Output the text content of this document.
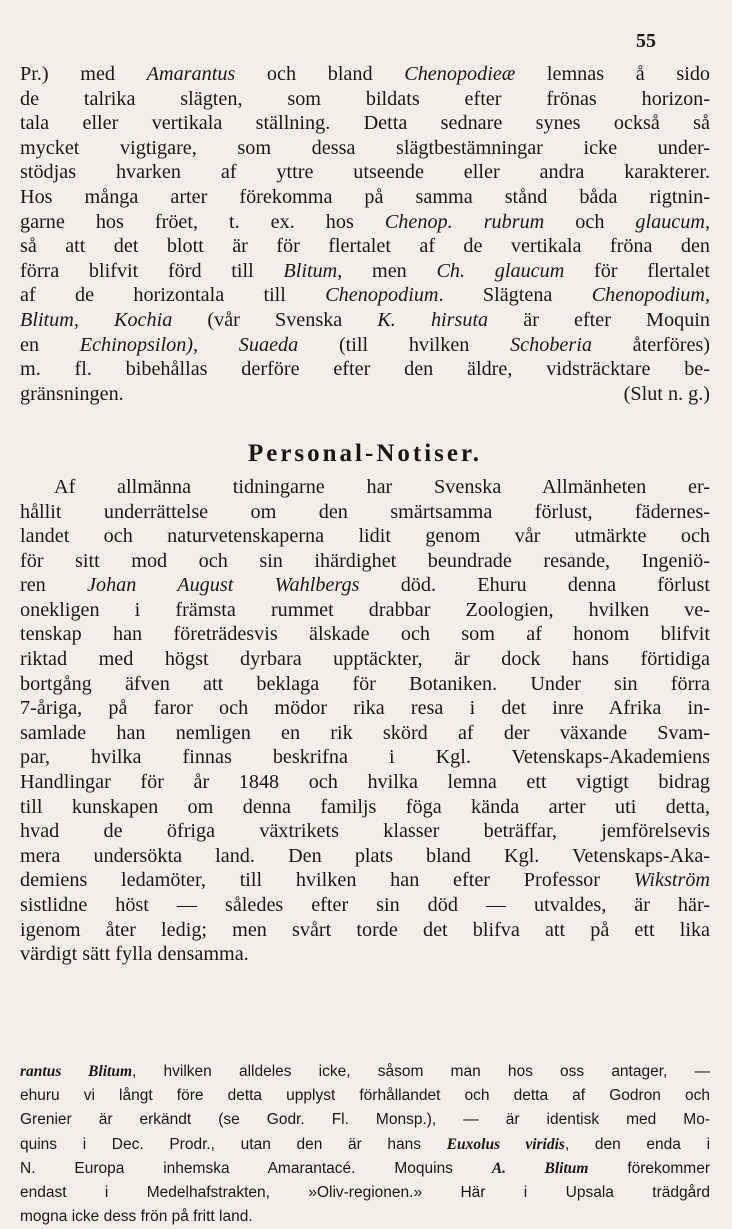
55

Pr.) med Amarantus och bland Chenopodieæ lemnas å sido
de talrika slägten, som bildats efter frönas horizon-
tala eller vertikala ställning. Detta sednare synes också så
mycket vigtigare, som dessa slägtbestämningar icke under-
stödjas hvarken af yttre utseende eller andra karakterer.
Hos många arter förekomma på samma stånd båda rigtnin-
garne hos fröet, t. ex. hos Chenop. rubrum och glaucum,
så att det blott är för flertalet af de vertikala fröna den
förra blifvit förd till Blitum, men Ch. glaucum för flertalet
af de horizontala till Chenopodium. Slägtena Chenopodium,
Blitum, Kochia (vår Svenska K. hirsuta är efter Moquin
en Echinopsilon), Suaeda (till hvilken Schoberia återföres)
m. fl. bibehållas derföre efter den äldre, vidsträcktare be-

gränsningen.	(Slut n. g.)
Personal-Notiser.

Af allmänna tidningarne har Svenska Allmänheten er-
hållit underrättelse om den smärtsamma förlust, fädernes-
landet och naturvetenskaperna lidit genom vår utmärkte och
för sitt mod och sin ihärdighet beundrade resande, Ingeniö-
ren Johan August Wahlbergs död. Ehuru denna förlust
onekligen i främsta rummet drabbar Zoologien, hvilken ve-
tenskap han företrädesvis älskade och som af honom blifvit
riktad med högst dyrbara upptäckter, är dock hans förtidiga
bortgång äfven att beklaga för Botaniken. Under sin förra
7-åriga, på faror och mödor rika resa i det inre Afrika in-
samlade han nemligen en rik skörd af der växande Svam-
par, hvilka finnas beskrifna i Kgl. Vetenskaps-Akademiens
Handlingar för år 1848 och hvilka lemna ett vigtigt bidrag
till kunskapen om denna familjs föga kända arter uti detta,
hvad de öfriga växtrikets klasser beträffar, jemförelsevis
mera undersökta land. Den plats bland Kgl. Vetenskaps-Aka-
demiens ledamöter, till hvilken han efter Professor Wikström
sistlidne höst — således efter sin död — utvaldes, är här-
igenom åter ledig; men svårt torde det blifva att på ett lika

värdigt sätt fylla densamma.

rantus Blitum, hvilken alldeles icke, såsom man hos oss antager, —
ehuru vi långt före detta upplyst förhållandet och detta af Godron och
Grenier är erkändt (se Godr. Fl. Monsp.), — är identisk med Mo-
quins i Dec. Prodr., utan den är hans Euxolus viridis, den enda i
N. Europa inhemska Amarantacé. Moquins A. Blitum förekommer
endast i Medelhafstrakten, »Oliv-regionen.» Här i Upsala trädgård

mogna icke dess frön på fritt land.
